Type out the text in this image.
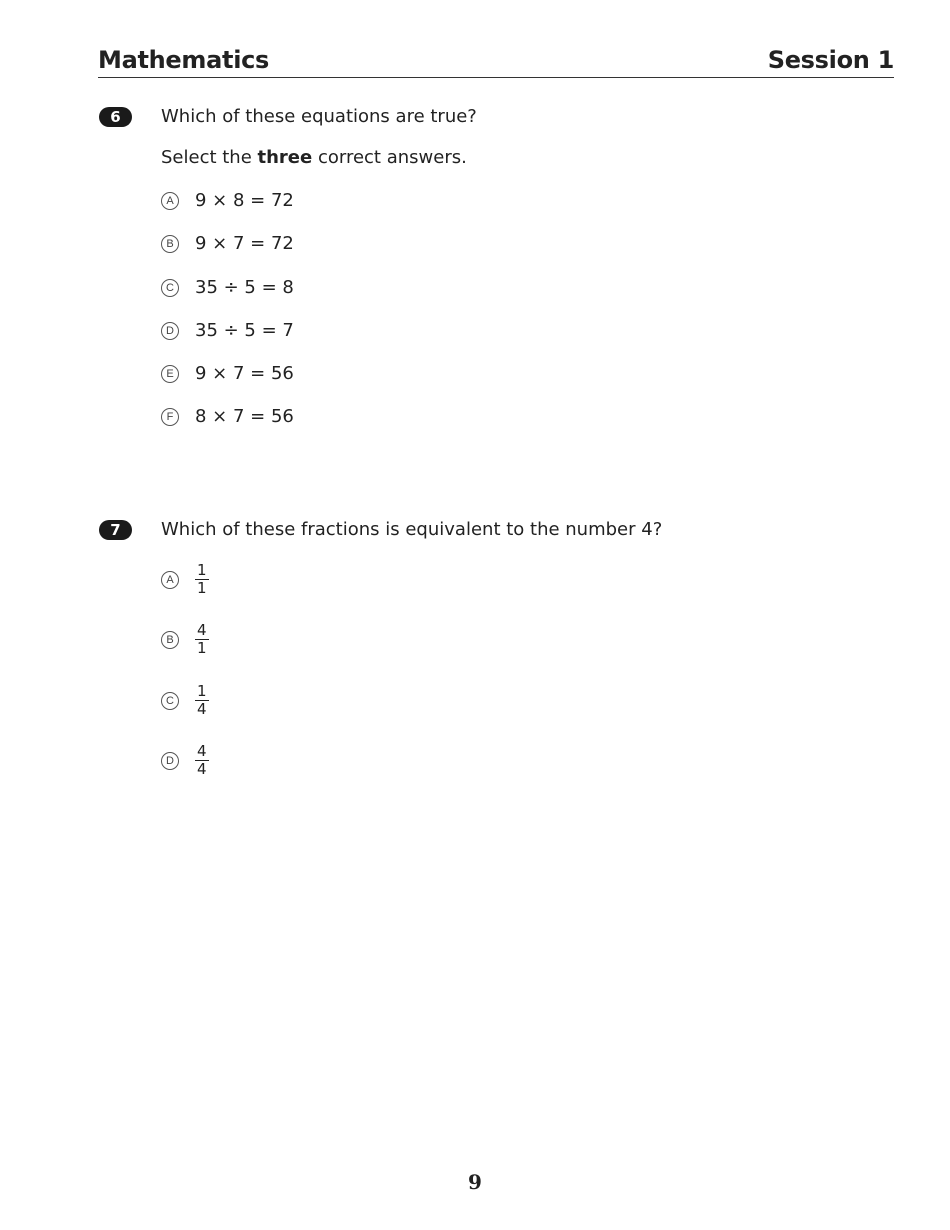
Mathematics	Session 1
6	Which of these equations are true?
Select the three correct answers.
A 9 × 8 = 72
B 9 × 7 = 72
C 35 ÷ 5 = 8
D 35 ÷ 5 = 7
E 9 × 7 = 56
F	8 × 7 = 56
7	Which of these fractions is equivalent to the number 4?
A	$\frac{1}{1}$
B	$\frac{4}{1}$
C	$\frac{1}{4}$
D	$\frac{4}{4}$
9
